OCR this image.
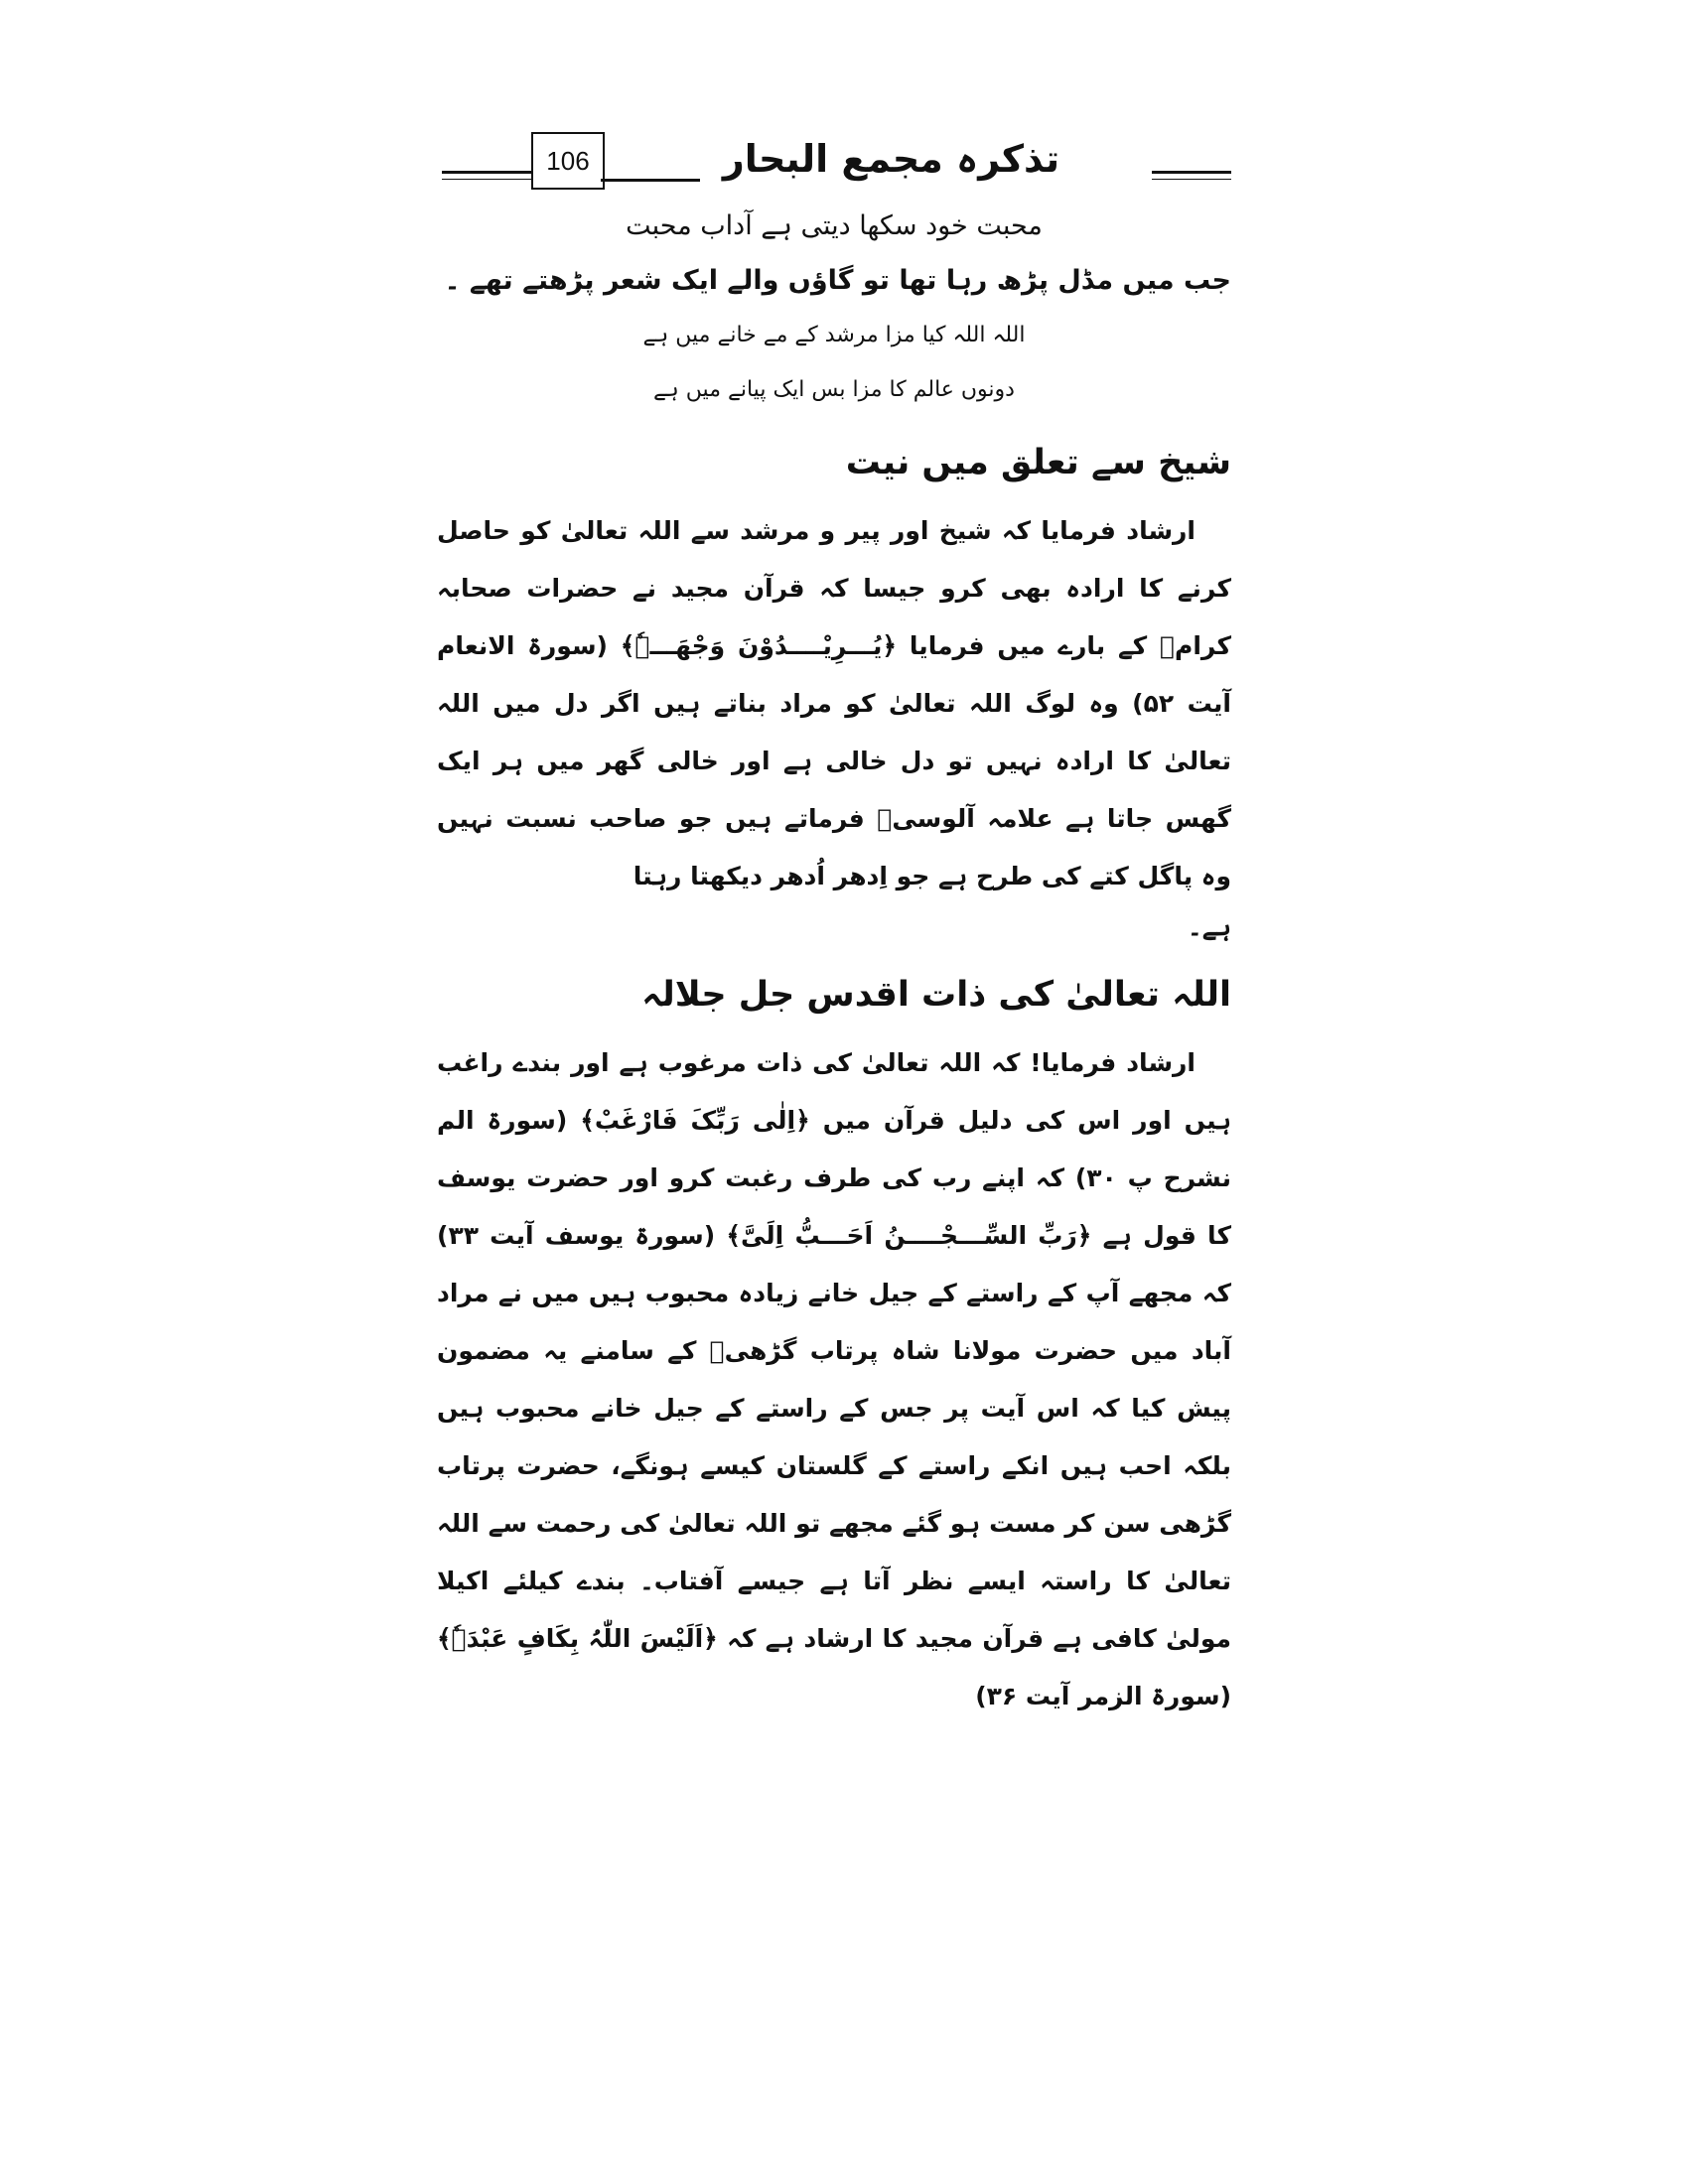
106	تذکرہ مجمع البحار

محبت خود سکھا دیتی ہے آداب محبت

جب میں مڈل پڑھ رہا تھا تو گاؤں والے ایک شعر پڑھتے تھے ۔

اللہ اللہ کیا مزا مرشد کے مے خانے میں ہے

دونوں عالم کا مزا بس ایک پیانے میں ہے

شیخ سے تعلق میں نیت

ارشاد فرمایا کہ شیخ اور پیر و مرشد سے اللہ تعالیٰ کو حاصل کرنے کا ارادہ بھی کرو جیسا کہ قرآن مجید نے حضرات صحابہ کرامؓ کے بارے میں فرمایا ﴿یُـــرِیْــــدُوْنَ وَجْھَـــہٗ﴾ (سورۃ الانعام آیت ۵۲) وہ لوگ اللہ تعالیٰ کو مراد بناتے ہیں اگر دل میں اللہ تعالیٰ کا ارادہ نہیں تو دل خالی ہے اور خالی گھر میں ہر ایک گھس جاتا ہے علامہ آلوسیؒ فرماتے ہیں جو صاحب نسبت نہیں وہ پاگل کتے کی طرح ہے جو اِدھر اُدھر دیکھتا رہتا

ہے۔

اللہ تعالیٰ کی ذات اقدس جل جلالہ

ارشاد فرمایا! کہ اللہ تعالیٰ کی ذات مرغوب ہے اور بندے راغب ہیں اور اس کی دلیل قرآن میں ﴿اِلٰی رَبِّکَ فَارْغَبْ﴾ (سورۃ الم نشرح پ ۳۰) کہ اپنے رب کی طرف رغبت کرو اور حضرت یوسف کا قول ہے ﴿رَبِّ السِّـــجْــــنُ اَحَـــبُّ اِلَیَّ﴾ (سورۃ یوسف آیت ۳۳) کہ مجھے آپ کے راستے کے جیل خانے زیادہ محبوب ہیں میں نے مراد آباد میں حضرت مولانا شاہ پرتاب گڑھیؒ کے سامنے یہ مضمون پیش کیا کہ اس آیت پر جس کے راستے کے جیل خانے محبوب ہیں بلکہ احب ہیں انکے راستے کے گلستان کیسے ہونگے، حضرت پرتاب گڑھی سن کر مست ہو گئے مجھے تو اللہ تعالیٰ کی رحمت سے اللہ تعالیٰ کا راستہ ایسے نظر آتا ہے جیسے آفتاب۔ بندے کیلئے اکیلا مولیٰ کافی ہے قرآن مجید کا ارشاد ہے کہ ﴿اَلَیْسَ اللّٰہُ بِکَافٍ عَبْدَہٗ﴾ (سورۃ الزمر آیت ۳۶)
